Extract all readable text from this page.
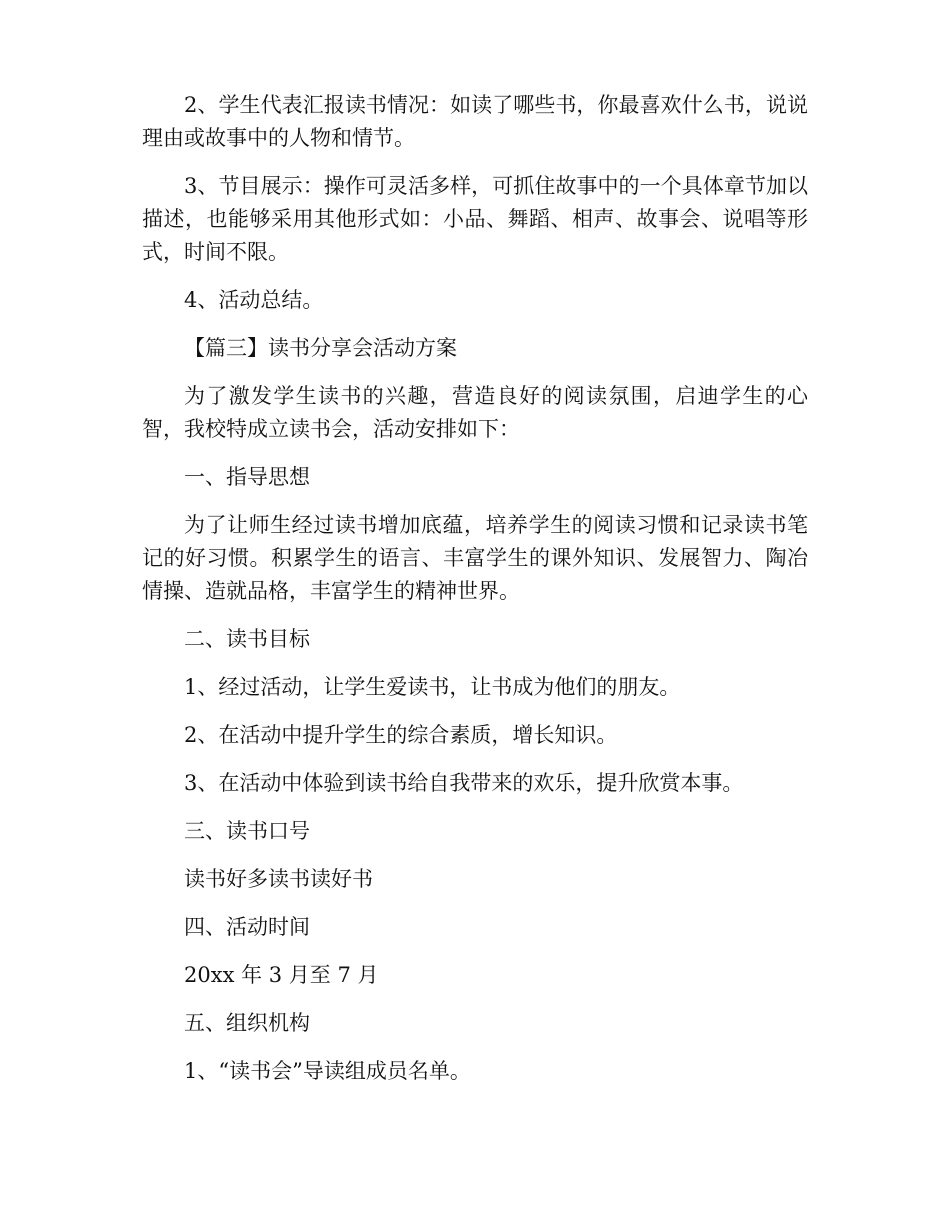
2、学生代表汇报读书情况：如读了哪些书，你最喜欢什么书，说说理由或故事中的人物和情节。

3、节目展示：操作可灵活多样，可抓住故事中的一个具体章节加以描述，也能够采用其他形式如：小品、舞蹈、相声、故事会、说唱等形式，时间不限。

4、活动总结。

【篇三】读书分享会活动方案

为了激发学生读书的兴趣，营造良好的阅读氛围，启迪学生的心智，我校特成立读书会，活动安排如下：

一、指导思想

为了让师生经过读书增加底蕴，培养学生的阅读习惯和记录读书笔记的好习惯。积累学生的语言、丰富学生的课外知识、发展智力、陶冶情操、造就品格，丰富学生的精神世界。

二、读书目标

1、经过活动，让学生爱读书，让书成为他们的朋友。

2、在活动中提升学生的综合素质，增长知识。

3、在活动中体验到读书给自我带来的欢乐，提升欣赏本事。

三、读书口号

读书好多读书读好书

四、活动时间

20xx 年 3 月至 7 月

五、组织机构

1、“读书会”导读组成员名单。
